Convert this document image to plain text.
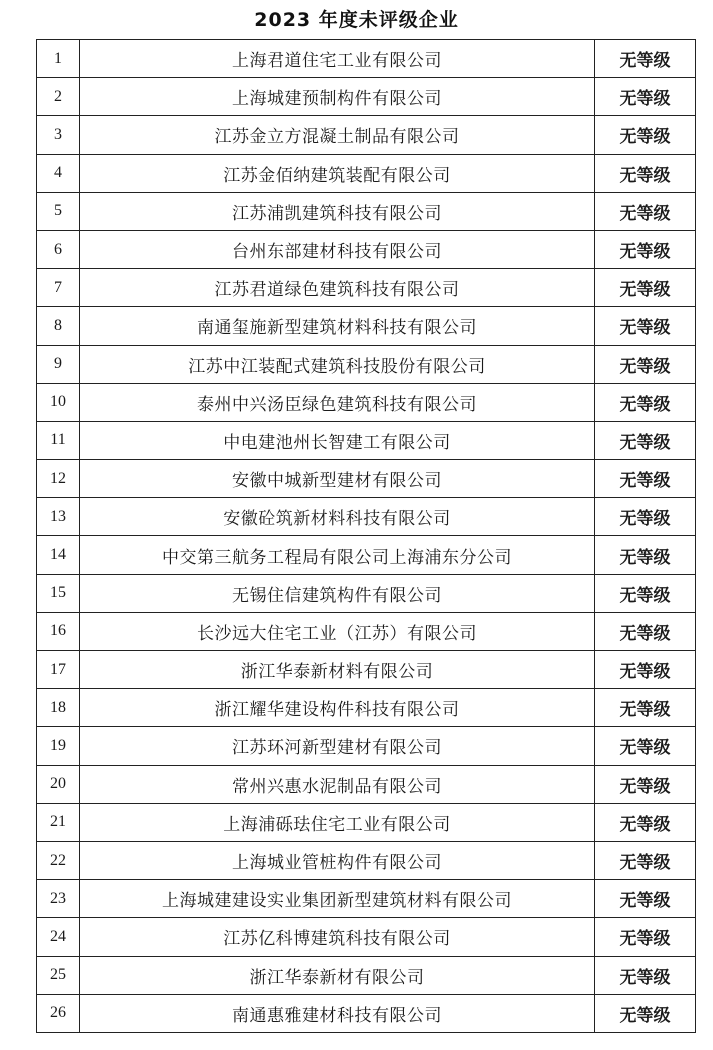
2023 年度未评级企业
1	上海君道住宅工业有限公司	无等级
2	上海城建预制构件有限公司	无等级
3	江苏金立方混凝土制品有限公司	无等级
4	江苏金佰纳建筑装配有限公司	无等级
5	江苏浦凯建筑科技有限公司	无等级
6	台州东部建材科技有限公司	无等级
7	江苏君道绿色建筑科技有限公司	无等级
8	南通玺施新型建筑材料科技有限公司	无等级
9	江苏中江装配式建筑科技股份有限公司	无等级
10	泰州中兴汤臣绿色建筑科技有限公司	无等级
11	中电建池州长智建工有限公司	无等级
12	安徽中城新型建材有限公司	无等级
13	安徽砼筑新材料科技有限公司	无等级
14	中交第三航务工程局有限公司上海浦东分公司	无等级
15	无锡住信建筑构件有限公司	无等级
16	长沙远大住宅工业（江苏）有限公司	无等级
17	浙江华泰新材料有限公司	无等级
18	浙江耀华建设构件科技有限公司	无等级
19	江苏环河新型建材有限公司	无等级
20	常州兴惠水泥制品有限公司	无等级
21	上海浦砾珐住宅工业有限公司	无等级
22	上海城业管桩构件有限公司	无等级
23	上海城建建设实业集团新型建筑材料有限公司	无等级
24	江苏亿科博建筑科技有限公司	无等级
25	浙江华泰新材有限公司	无等级
26	南通惠雅建材科技有限公司	无等级
